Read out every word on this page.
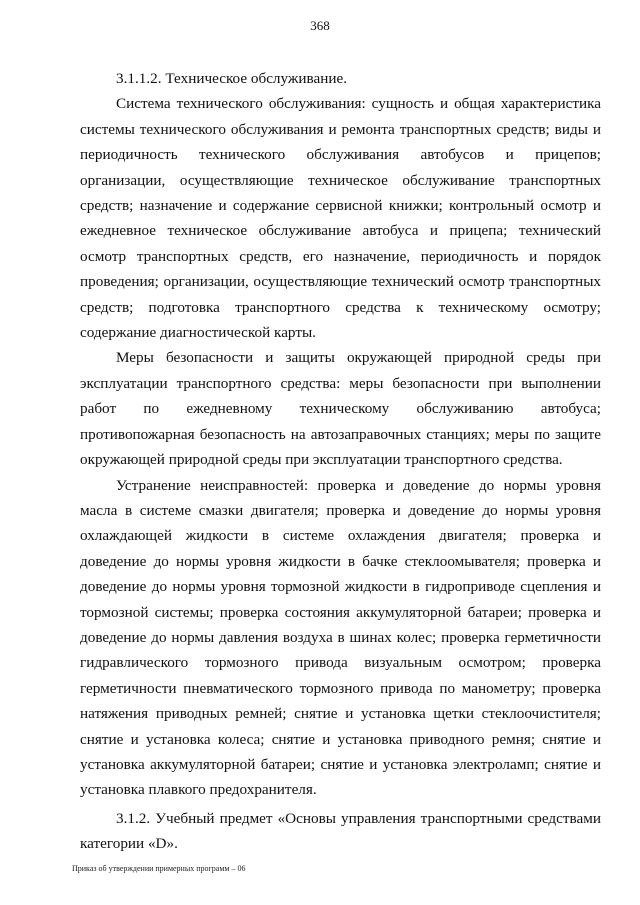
368

3.1.1.2. Техническое обслуживание.

Система технического обслуживания: сущность и общая характеристика системы технического обслуживания и ремонта транспортных средств; виды и периодичность технического обслуживания автобусов и прицепов; организации, осуществляющие техническое обслуживание транспортных средств; назначение и содержание сервисной книжки; контрольный осмотр и ежедневное техническое обслуживание автобуса и прицепа; технический осмотр транспортных средств, его назначение, периодичность и порядок проведения; организации, осуществляющие технический осмотр транспортных средств; подготовка транспортного средства к техническому осмотру; содержание диагностической карты.

Меры безопасности и защиты окружающей природной среды при эксплуатации транспортного средства: меры безопасности при выполнении работ по ежедневному техническому обслуживанию автобуса; противопожарная безопасность на автозаправочных станциях; меры по защите окружающей природной среды при эксплуатации транспортного средства.

Устранение неисправностей: проверка и доведение до нормы уровня масла в системе смазки двигателя; проверка и доведение до нормы уровня охлаждающей жидкости в системе охлаждения двигателя; проверка и доведение до нормы уровня жидкости в бачке стеклоомывателя; проверка и доведение до нормы уровня тормозной жидкости в гидроприводе сцепления и тормозной системы; проверка состояния аккумуляторной батареи; проверка и доведение до нормы давления воздуха в шинах колес; проверка герметичности гидравлического тормозного привода визуальным осмотром; проверка герметичности пневматического тормозного привода по манометру; проверка натяжения приводных ремней; снятие и установка щетки стеклоочистителя; снятие и установка колеса; снятие и установка приводного ремня; снятие и установка аккумуляторной батареи; снятие и установка электроламп; снятие и установка плавкого предохранителя.

3.1.2. Учебный предмет «Основы управления транспортными средствами категории «D».

Приказ об утверждении примерных программ – 06
